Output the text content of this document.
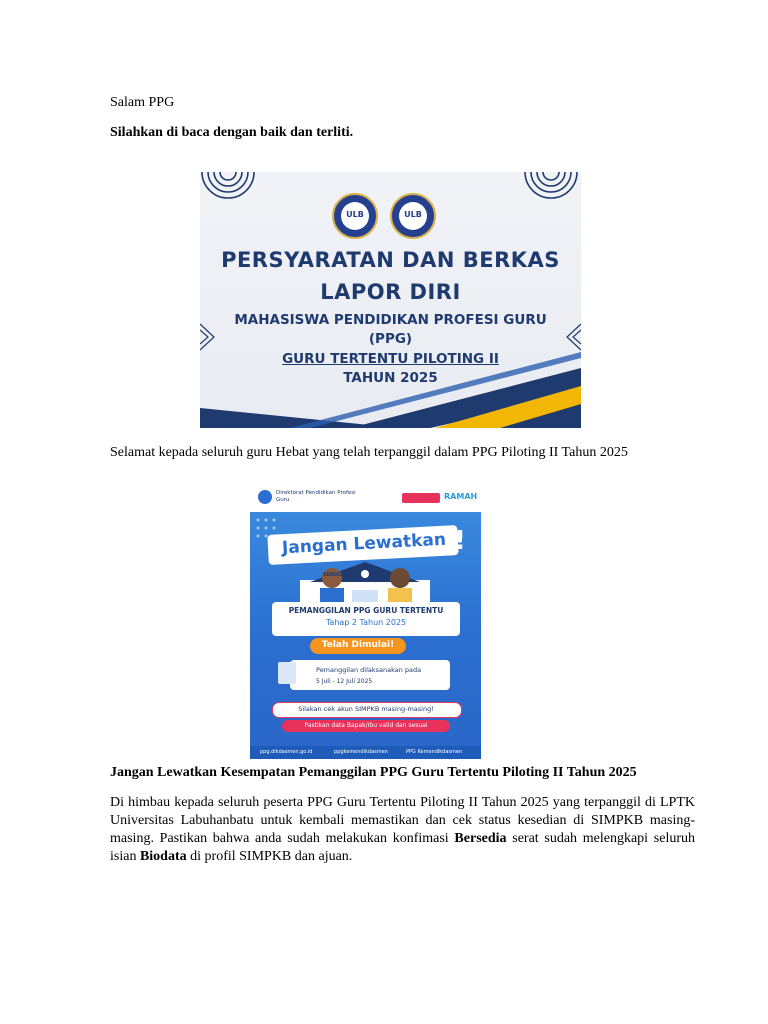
Salam PPG
Silahkan di baca dengan baik dan terliti.
ULB	ULB
PERSYARATAN DAN BERKAS
LAPOR DIRI
MAHASISWA PENDIDIKAN PROFESI GURU
(PPG)
GURU TERTENTU PILOTING II
TAHUN 2025
Selamat kepada seluruh guru Hebat yang telah terpanggil dalam PPG Piloting II Tahun 2025
Direktorat Pendidikan Profesi Guru	RAMAH
Jangan Lewatkan !
SEKOLAH
PEMANGGILAN PPG GURU TERTENTU
Tahap 2 Tahun 2025
Telah Dimulai!
Pemanggilan dilaksanakan pada
5 Juli - 12 Juli 2025
Silakan cek akun SIMPKB masing-masing!
Pastikan data Bapak/Ibu valid dan sesuai
ppg.dikdasmen.go.id	ppgkemendikdasmen	PPG Kemendikdasmen
Jangan Lewatkan Kesempatan Pemanggilan PPG Guru Tertentu Piloting II Tahun 2025
Di himbau kepada seluruh peserta PPG Guru Tertentu Piloting II Tahun 2025 yang terpanggil di LPTK Universitas Labuhanbatu untuk kembali memastikan dan cek status kesedian di SIMPKB masing-masing. Pastikan bahwa anda sudah melakukan konfimasi Bersedia serat sudah melengkapi seluruh isian Biodata di profil SIMPKB dan ajuan.
